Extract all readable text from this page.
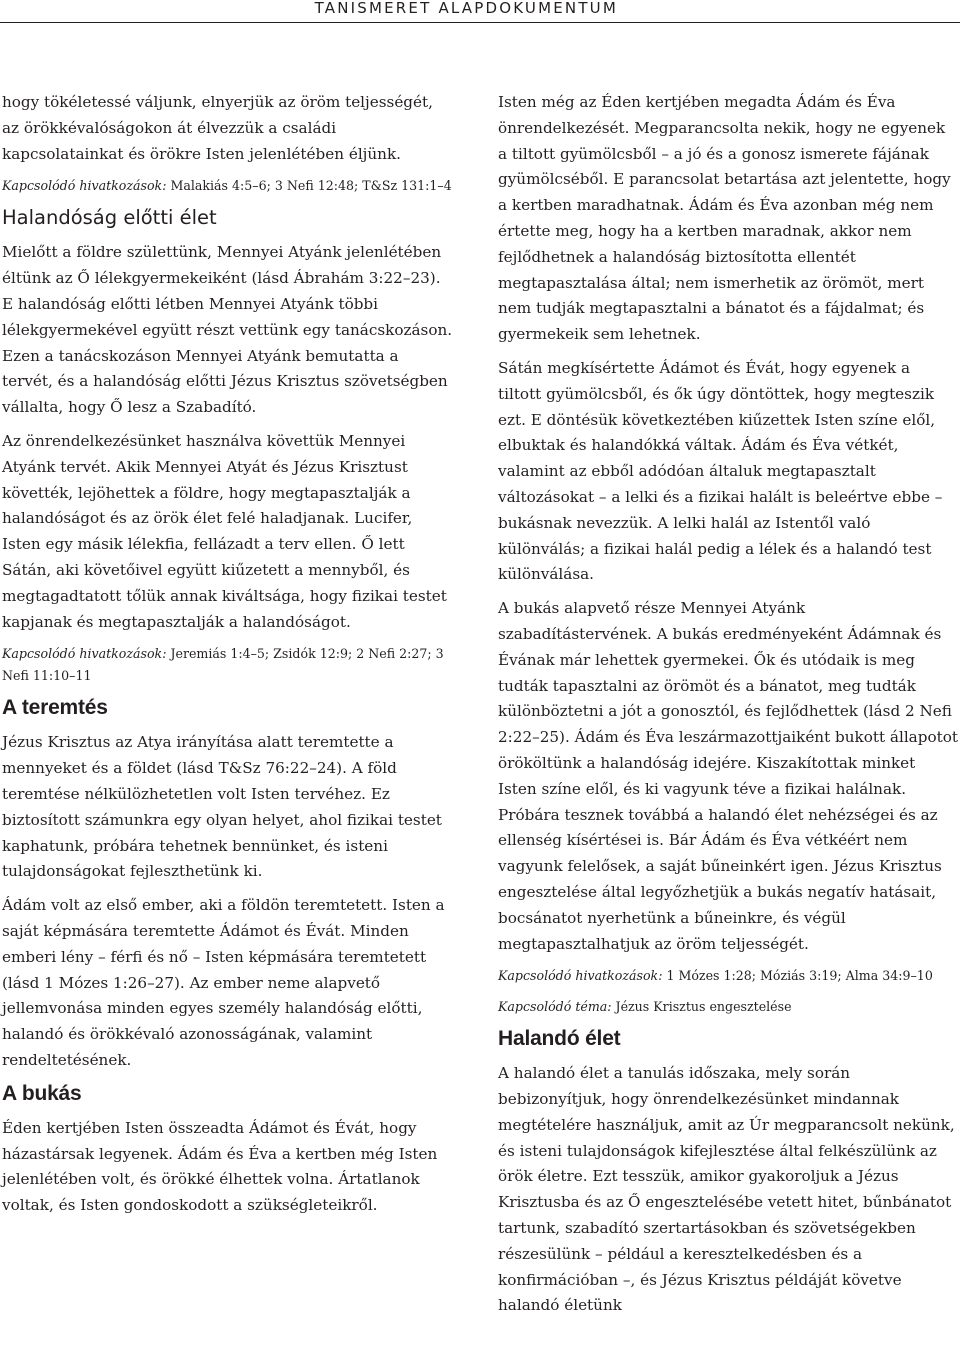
TANISMERET ALAPDOKUMENTUM

hogy tökéletessé váljunk, elnyerjük az öröm teljességét, az örökkévalóságokon át élvezzük a családi kapcsolatainkat és örökre Isten jelenlétében éljünk.

Kapcsolódó hivatkozások: Malakiás 4:5–6; 3 Nefi 12:48; T&Sz 131:1–4
Halandóság előtti élet

Mielőtt a földre születtünk, Mennyei Atyánk jelenlétében éltünk az Ő lélekgyermekeiként (lásd Ábrahám 3:22–23). E halandóság előtti létben Mennyei Atyánk többi lélekgyermekével együtt részt vettünk egy tanácskozáson. Ezen a tanácskozáson Mennyei Atyánk bemutatta a tervét, és a halandóság előtti Jézus Krisztus szövetségben vállalta, hogy Ő lesz a Szabadító.

Az önrendelkezésünket használva követtük Mennyei Atyánk tervét. Akik Mennyei Atyát és Jézus Krisztust követték, lejöhettek a földre, hogy megtapasztalják a halandóságot és az örök élet felé haladjanak. Lucifer, Isten egy másik lélekfia, fellázadt a terv ellen. Ő lett Sátán, aki követőivel együtt kiűzetett a mennyből, és megtagadtatott tőlük annak kiváltsága, hogy fizikai testet kapjanak és megtapasztalják a halandóságot.

Kapcsolódó hivatkozások: Jeremiás 1:4–5; Zsidók 12:9; 2 Nefi 2:27; 3 Nefi 11:10–11
A teremtés

Jézus Krisztus az Atya irányítása alatt teremtette a mennyeket és a földet (lásd T&Sz 76:22–24). A föld teremtése nélkülözhetetlen volt Isten tervéhez. Ez biztosított számunkra egy olyan helyet, ahol fizikai testet kaphatunk, próbára tehetnek bennünket, és isteni tulajdonságokat fejleszthetünk ki.

Ádám volt az első ember, aki a földön teremtetett. Isten a saját képmására teremtette Ádámot és Évát. Minden emberi lény – férfi és nő – Isten képmására teremtetett (lásd 1 Mózes 1:26–27). Az ember neme alapvető jellemvonása minden egyes személy halandóság előtti, halandó és örökkévaló azonosságának, valamint rendeltetésének.

A bukás

Éden kertjében Isten összeadta Ádámot és Évát, hogy házastársak legyenek. Ádám és Éva a kertben még Isten jelenlétében volt, és örökké élhettek volna. Ártatlanok voltak, és Isten gondoskodott a szükségleteikről.

Isten még az Éden kertjében megadta Ádám és Éva önrendelkezését. Megparancsolta nekik, hogy ne egyenek a tiltott gyümölcsből – a jó és a gonosz ismerete fájának gyümölcséből. E parancsolat betartása azt jelentette, hogy a kertben maradhatnak. Ádám és Éva azonban még nem értette meg, hogy ha a kertben maradnak, akkor nem fejlődhetnek a halandóság biztosította ellentét megtapasztalása által; nem ismerhetik az örömöt, mert nem tudják megtapasztalni a bánatot és a fájdalmat; és gyermekeik sem lehetnek.

Sátán megkísértette Ádámot és Évát, hogy egyenek a tiltott gyümölcsből, és ők úgy döntöttek, hogy megteszik ezt. E döntésük következtében kiűzettek Isten színe elől, elbuktak és halandókká váltak. Ádám és Éva vétkét, valamint az ebből adódóan általuk megtapasztalt változásokat – a lelki és a fizikai halált is beleértve ebbe – bukásnak nevezzük. A lelki halál az Istentől való különválás; a fizikai halál pedig a lélek és a halandó test különválása.

A bukás alapvető része Mennyei Atyánk szabadítástervének. A bukás eredményeként Ádámnak és Évának már lehettek gyermekei. Ők és utódaik is meg tudták tapasztalni az örömöt és a bánatot, meg tudták különböztetni a jót a gonosztól, és fejlődhettek (lásd 2 Nefi 2:22–25). Ádám és Éva leszármazottjaiként bukott állapotot örököltünk a halandóság idejére. Kiszakítottak minket Isten színe elől, és ki vagyunk téve a fizikai halálnak. Próbára tesznek továbbá a halandó élet nehézségei és az ellenség kísértései is. Bár Ádám és Éva vétkéért nem vagyunk felelősek, a saját bűneinkért igen. Jézus Krisztus engesztelése által legyőzhetjük a bukás negatív hatásait, bocsánatot nyerhetünk a bűneinkre, és végül megtapasztalhatjuk az öröm teljességét.

Kapcsolódó hivatkozások: 1 Mózes 1:28; Móziás 3:19; Alma 34:9–10
Kapcsolódó téma: Jézus Krisztus engesztelése
Halandó élet

A halandó élet a tanulás időszaka, mely során bebizonyítjuk, hogy önrendelkezésünket mindannak megtételére használjuk, amit az Úr megparancsolt nekünk, és isteni tulajdonságok kifejlesztése által felkészülünk az örök életre. Ezt tesszük, amikor gyakoroljuk a Jézus Krisztusba és az Ő engesztelésébe vetett hitet, bűnbánatot tartunk, szabadító szertartásokban és szövetségekben részesülünk – például a keresztelkedésben és a konfirmációban –, és Jézus Krisztus példáját követve halandó életünk
